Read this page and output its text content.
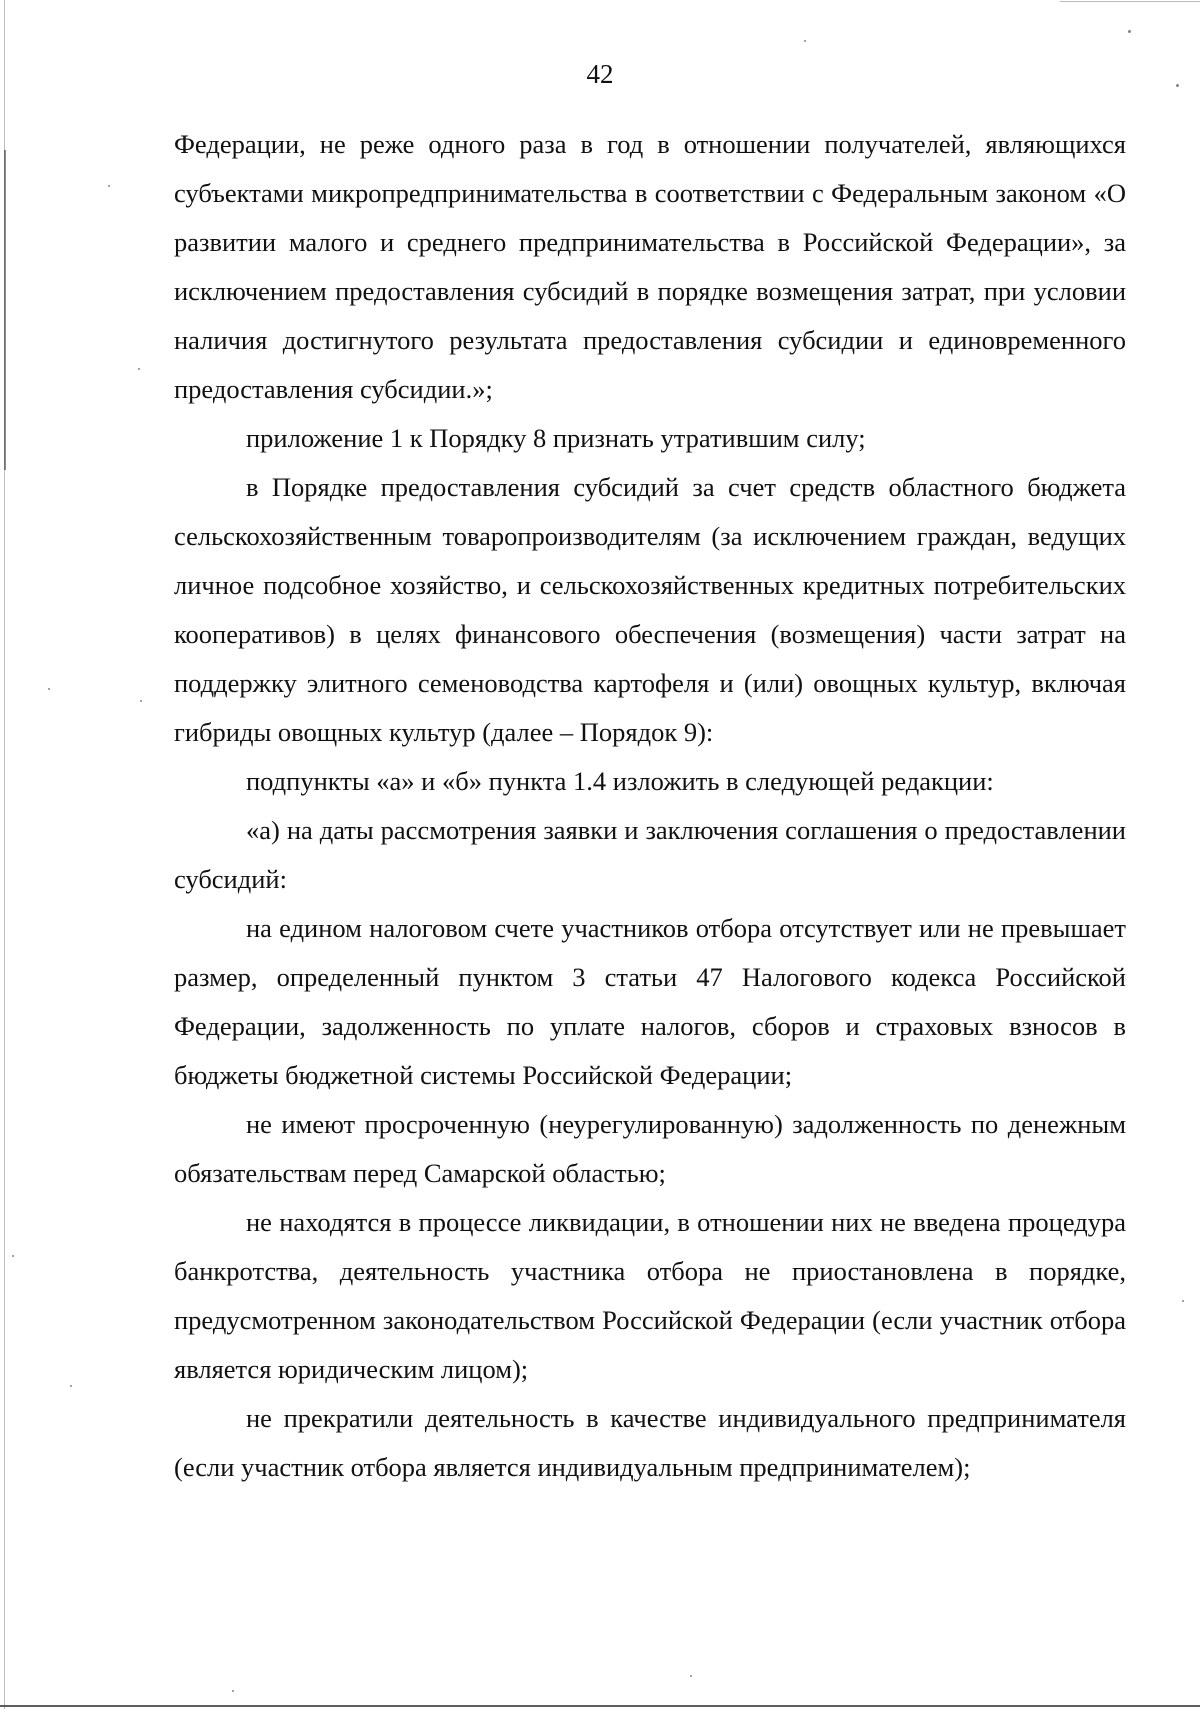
42

Федерации, не реже одного раза в год в отношении получателей, являющихся субъектами микропредпринимательства в соответствии с Федеральным законом «О развитии малого и среднего предпринимательства в Российской Федерации», за исключением предоставления субсидий в порядке возмещения затрат, при условии наличия достигнутого результата предоставления субсидии и единовременного предоставления субсидии.»;

приложение 1 к Порядку 8 признать утратившим силу;

в Порядке предоставления субсидий за счет средств областного бюджета сельскохозяйственным товаропроизводителям (за исключением граждан, ведущих личное подсобное хозяйство, и сельскохозяйственных кредитных потребительских кооперативов) в целях финансового обеспечения (возмещения) части затрат на поддержку элитного семеноводства картофеля и (или) овощных культур, включая гибриды овощных культур (далее – Порядок 9):

подпункты «а» и «б» пункта 1.4 изложить в следующей редакции:

«а) на даты рассмотрения заявки и заключения соглашения о предоставлении субсидий:

на едином налоговом счете участников отбора отсутствует или не превышает размер, определенный пунктом 3 статьи 47 Налогового кодекса Российской Федерации, задолженность по уплате налогов, сборов и страховых взносов в бюджеты бюджетной системы Российской Федерации;

не имеют просроченную (неурегулированную) задолженность по денежным обязательствам перед Самарской областью;

не находятся в процессе ликвидации, в отношении них не введена процедура банкротства, деятельность участника отбора не приостановлена в порядке, предусмотренном законодательством Российской Федерации (если участник отбора является юридическим лицом);

не прекратили деятельность в качестве индивидуального предпринимателя (если участник отбора является индивидуальным предпринимателем);
